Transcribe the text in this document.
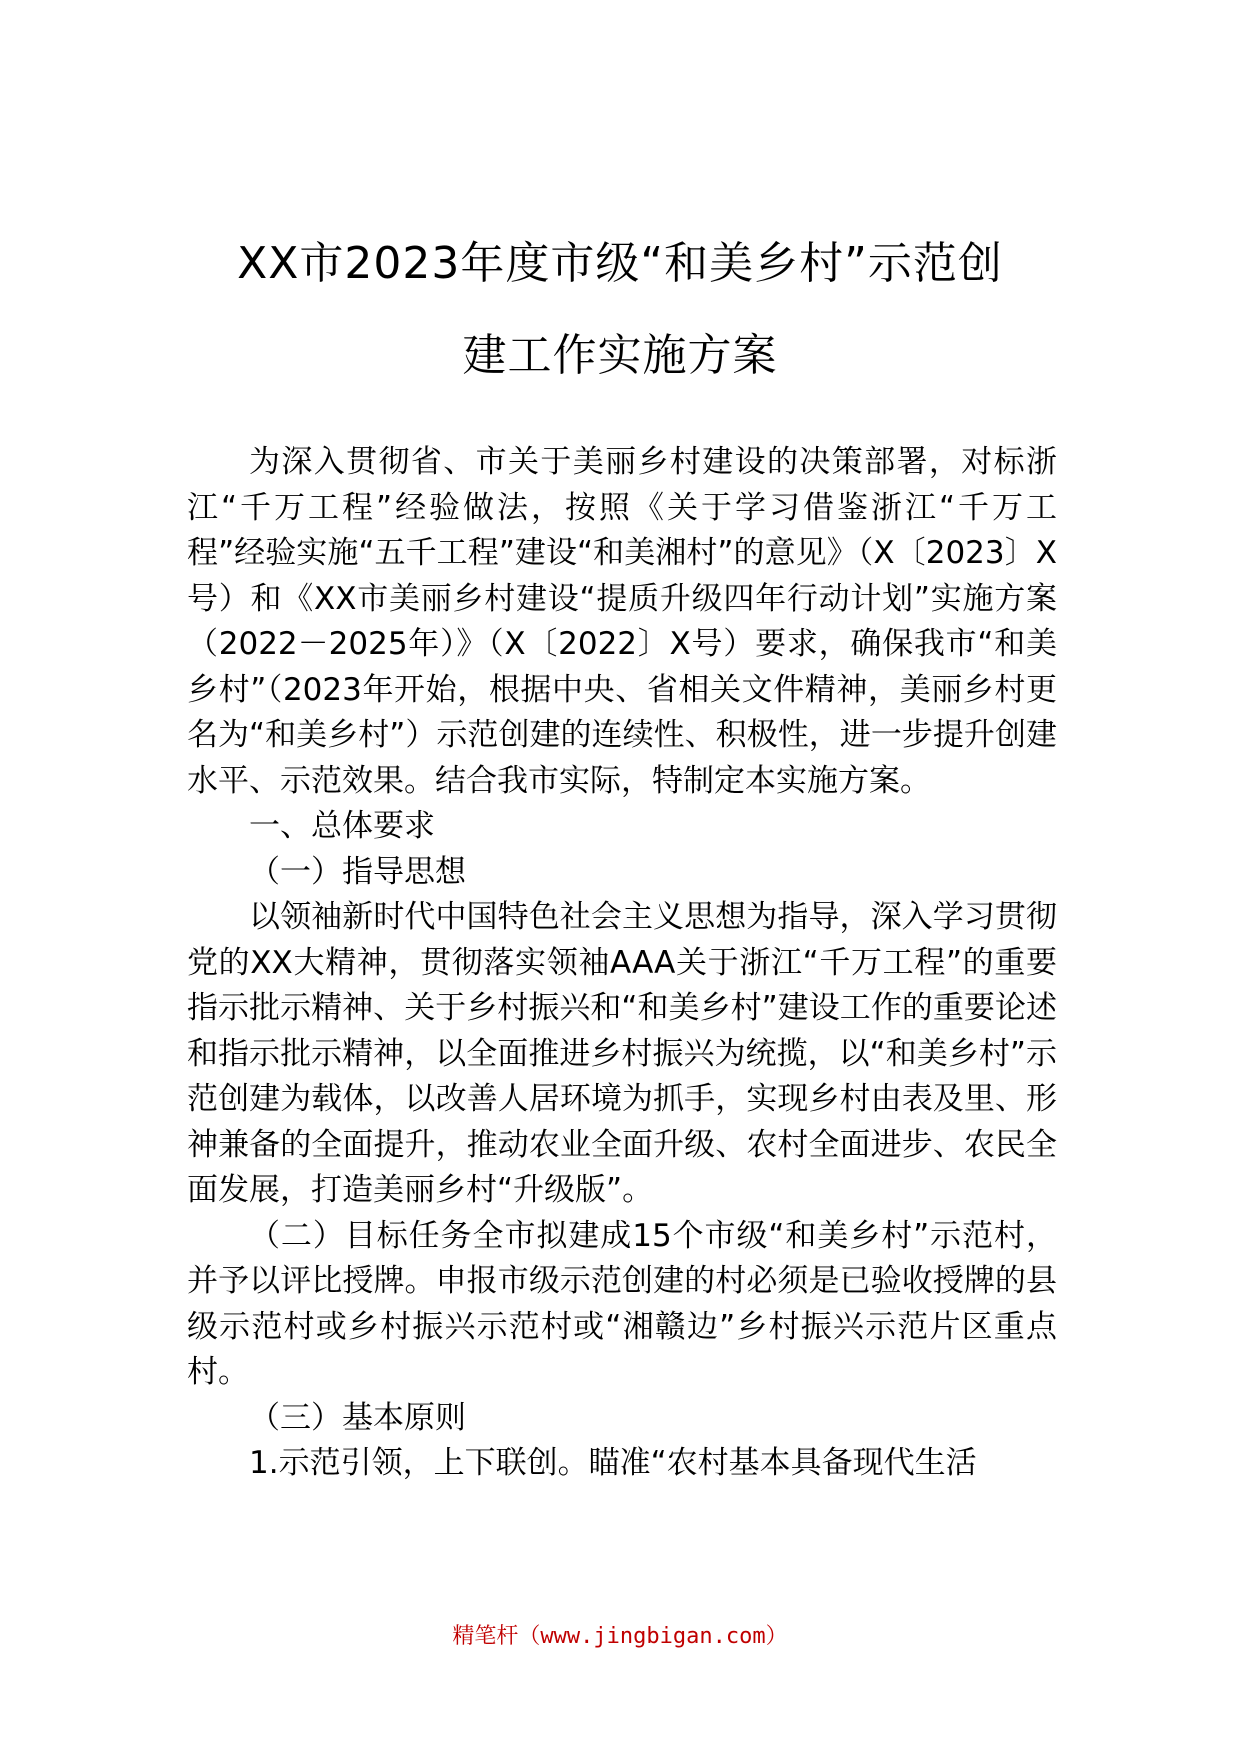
XX市2023年度市级“和美乡村”示范创
建工作实施方案

为深入贯彻省、市关于美丽乡村建设的决策部署，对标浙江“千万工程”经验做法，按照《关于学习借鉴浙江“千万工程”经验实施“五千工程”建设“和美湘村”的意见》（X〔2023〕X号）和《XX市美丽乡村建设“提质升级四年行动计划”实施方案（2022－2025年）》（X〔2022〕X号）要求，确保我市“和美乡村”（2023年开始，根据中央、省相关文件精神，美丽乡村更名为“和美乡村”）示范创建的连续性、积极性，进一步提升创建水平、示范效果。结合我市实际，特制定本实施方案。

一、总体要求

（一）指导思想

以领袖新时代中国特色社会主义思想为指导，深入学习贯彻党的XX大精神，贯彻落实领袖AAA关于浙江“千万工程”的重要指示批示精神、关于乡村振兴和“和美乡村”建设工作的重要论述和指示批示精神，以全面推进乡村振兴为统揽，以“和美乡村”示范创建为载体，以改善人居环境为抓手，实现乡村由表及里、形神兼备的全面提升，推动农业全面升级、农村全面进步、农民全面发展，打造美丽乡村“升级版”。

（二）目标任务全市拟建成15个市级“和美乡村”示范村，并予以评比授牌。申报市级示范创建的村必须是已验收授牌的县级示范村或乡村振兴示范村或“湘赣边”乡村振兴示范片区重点村。

（三）基本原则

1.示范引领，上下联创。瞄准“农村基本具备现代生活

精笔杆（www.jingbigan.com）
